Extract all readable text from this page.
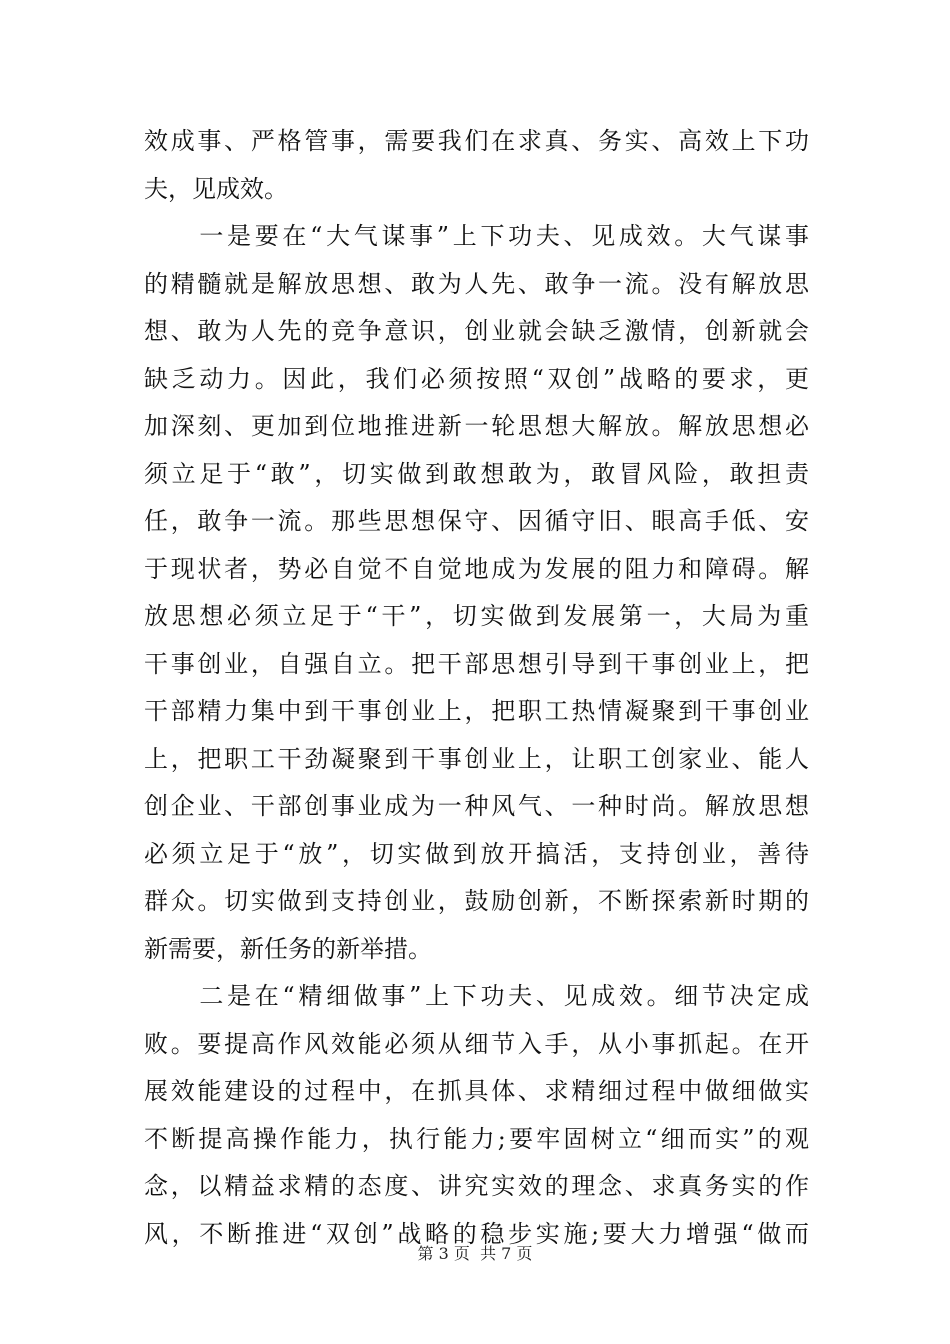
效成事、严格管事，需要我们在求真、务实、高效上下功
夫，见成效。
　　一是要在“大气谋事”上下功夫、见成效。大气谋事
的精髓就是解放思想、敢为人先、敢争一流。没有解放思
想、敢为人先的竞争意识，创业就会缺乏激情，创新就会
缺乏动力。因此，我们必须按照“双创”战略的要求，更
加深刻、更加到位地推进新一轮思想大解放。解放思想必
须立足于“敢”，切实做到敢想敢为，敢冒风险，敢担责
任，敢争一流。那些思想保守、因循守旧、眼高手低、安
于现状者，势必自觉不自觉地成为发展的阻力和障碍。解
放思想必须立足于“干”，切实做到发展第一，大局为重
干事创业，自强自立。把干部思想引导到干事创业上，把
干部精力集中到干事创业上，把职工热情凝聚到干事创业
上，把职工干劲凝聚到干事创业上，让职工创家业、能人
创企业、干部创事业成为一种风气、一种时尚。解放思想
必须立足于“放”，切实做到放开搞活，支持创业，善待
群众。切实做到支持创业，鼓励创新，不断探索新时期的
新需要，新任务的新举措。
　　二是在“精细做事”上下功夫、见成效。细节决定成
败。要提高作风效能必须从细节入手，从小事抓起。在开
展效能建设的过程中，在抓具体、求精细过程中做细做实
不断提高操作能力，执行能力;要牢固树立“细而实”的观
念，以精益求精的态度、讲究实效的理念、求真务实的作
风，不断推进“双创”战略的稳步实施;要大力增强“做而
第 3 页  共 7 页
